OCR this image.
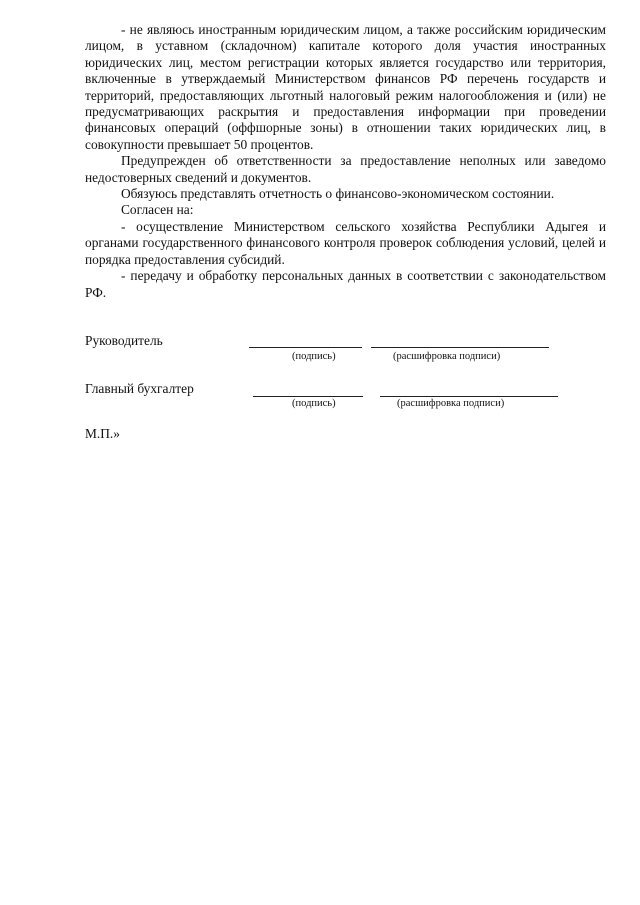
- не являюсь иностранным юридическим лицом, а также российским юридическим лицом, в уставном (складочном) капитале которого доля участия иностранных юридических лиц, местом регистрации которых является государство или территория, включенные в утверждаемый Министерством финансов РФ перечень государств и территорий, предоставляющих льготный налоговый режим налогообложения и (или) не предусматривающих раскрытия и предоставления информации при проведении финансовых операций (оффшорные зоны) в отношении таких юридических лиц, в совокупности превышает 50 процентов.

Предупрежден об ответственности за предоставление неполных или заведомо недостоверных сведений и документов.

Обязуюсь представлять отчетность о финансово-экономическом состоянии.

Согласен на:

- осуществление Министерством сельского хозяйства Республики Адыгея и органами государственного финансового контроля проверок соблюдения условий, целей и порядка предоставления субсидий.

- передачу и обработку персональных данных в соответствии с законодательством РФ.

Руководитель
(подпись)	(расшифровка подписи)
Главный бухгалтер
(подпись)	(расшифровка подписи)
М.П.»
